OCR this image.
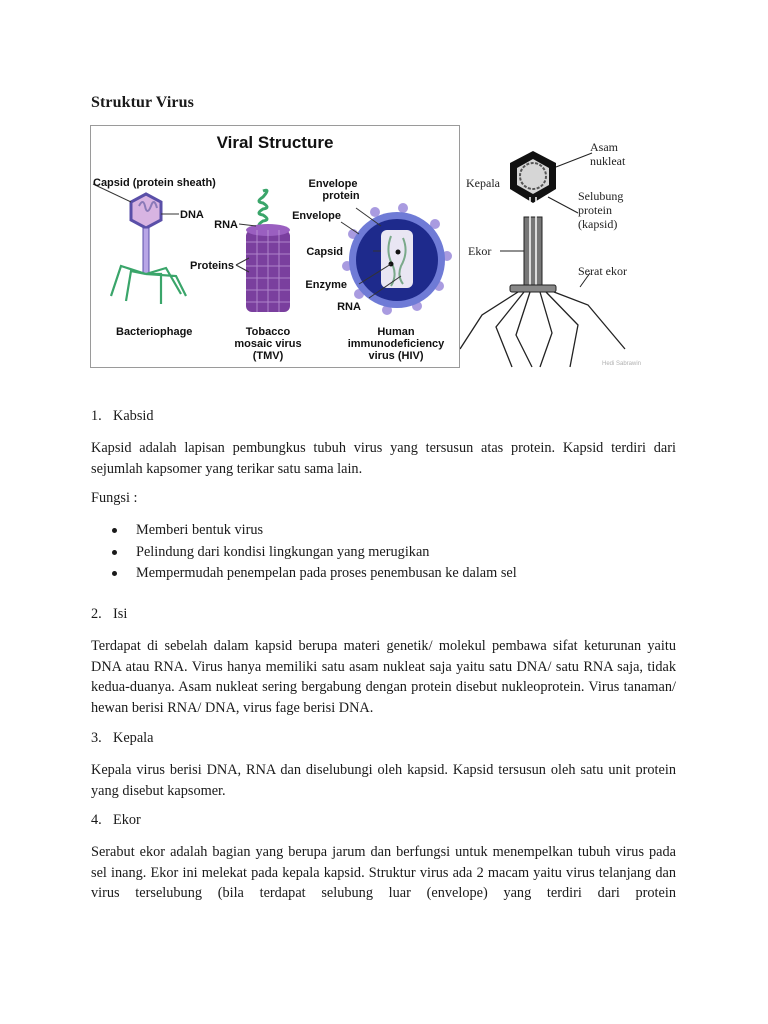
Struktur Virus
Viral Structure
Capsid (protein sheath)
DNA
Bacteriophage
RNA
Proteins
Tobacco
mosaic virus
(TMV)
Envelope
protein
Envelope
Capsid
Enzyme
RNA
Human
immunodeficiency
virus (HIV)
Kepala
Asam
nukleat
Selubung
protein
(kapsid)
Ekor
Serat ekor
Hedi Sabrawin
1. Kabsid
Kapsid adalah lapisan pembungkus tubuh virus yang tersusun atas protein. Kapsid terdiri dari sejumlah kapsomer yang terikar satu sama lain.
Fungsi :
Memberi bentuk virus
Pelindung dari kondisi lingkungan yang merugikan
Mempermudah penempelan pada proses penembusan ke dalam sel
2. Isi
Terdapat di sebelah dalam kapsid berupa materi genetik/ molekul pembawa sifat keturunan yaitu DNA atau RNA. Virus hanya memiliki satu asam nukleat saja yaitu satu DNA/ satu RNA saja, tidak kedua-duanya. Asam nukleat sering bergabung dengan protein disebut nukleoprotein. Virus tanaman/ hewan berisi RNA/ DNA, virus fage berisi DNA.
3. Kepala
Kepala virus berisi DNA, RNA dan diselubungi oleh kapsid. Kapsid tersusun oleh satu unit protein yang disebut kapsomer.
4. Ekor
Serabut ekor adalah bagian yang berupa jarum dan berfungsi untuk menempelkan tubuh virus pada sel inang. Ekor ini melekat pada kepala kapsid. Struktur virus ada 2 macam yaitu virus telanjang dan virus terselubung (bila terdapat selubung luar (envelope) yang terdiri dari protein
